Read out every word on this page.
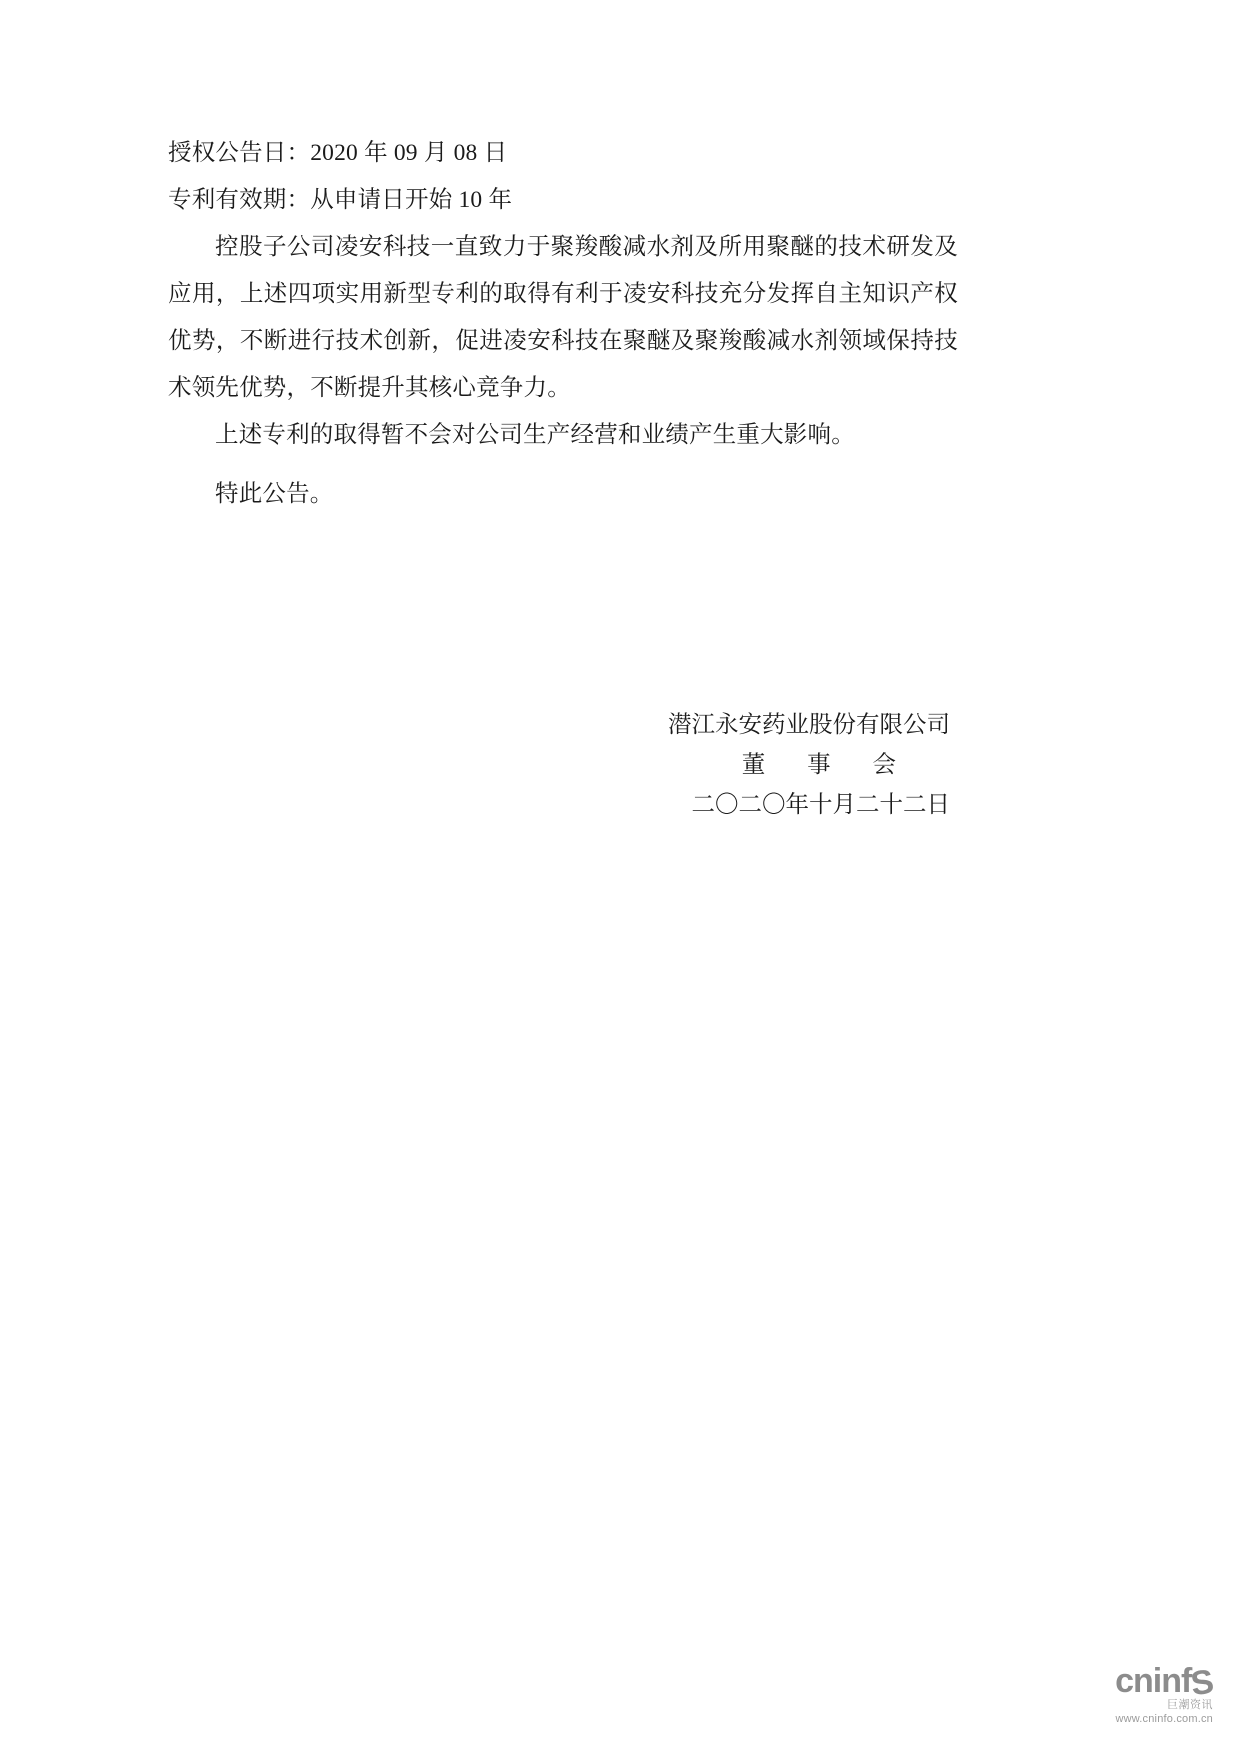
授权公告日：2020 年 09 月 08 日

专利有效期：从申请日开始 10 年

控股子公司凌安科技一直致力于聚羧酸减水剂及所用聚醚的技术研发及应用，上述四项实用新型专利的取得有利于凌安科技充分发挥自主知识产权优势，不断进行技术创新，促进凌安科技在聚醚及聚羧酸减水剂领域保持技术领先优势，不断提升其核心竞争力。

上述专利的取得暂不会对公司生产经营和业绩产生重大影响。

特此公告。

潜江永安药业股份有限公司
董 事 会
二〇二〇年十月二十二日
cninfS
巨潮资讯
www.cninfo.com.cn
